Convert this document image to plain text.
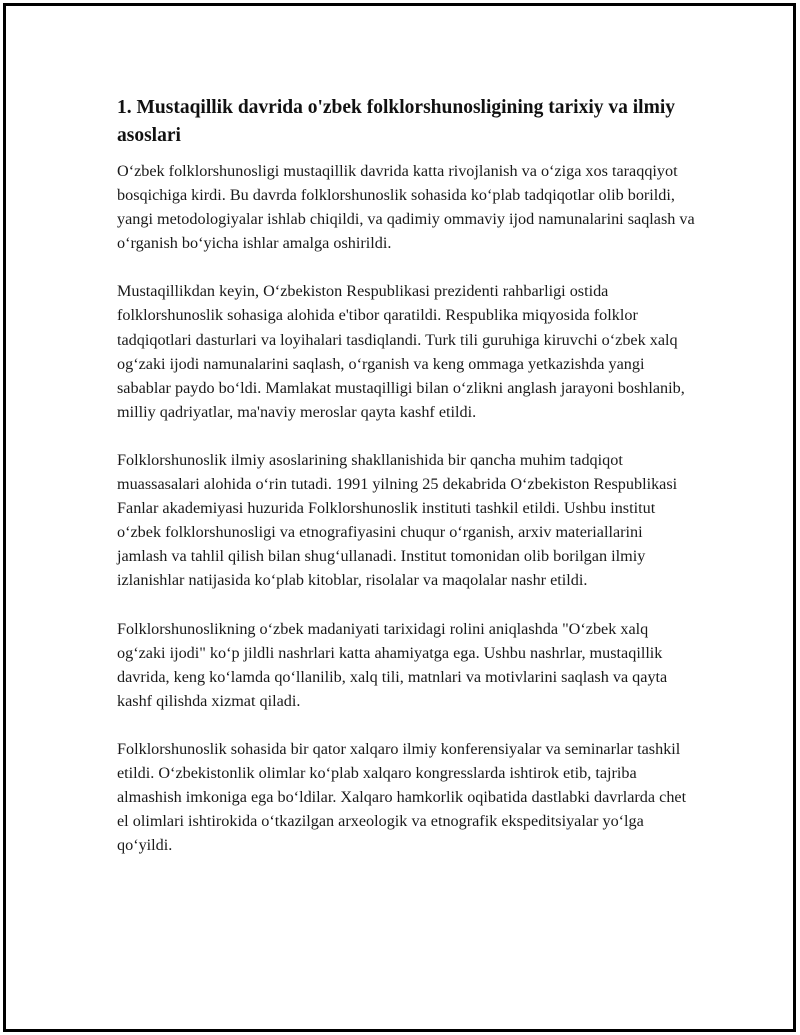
1. Mustaqillik davrida o'zbek folklorshunosligining tarixiy va ilmiy asoslari

O‘zbek folklorshunosligi mustaqillik davrida katta rivojlanish va o‘ziga xos taraqqiyot bosqichiga kirdi. Bu davrda folklorshunoslik sohasida ko‘plab tadqiqotlar olib borildi, yangi metodologiyalar ishlab chiqildi, va qadimiy ommaviy ijod namunalarini saqlash va o‘rganish bo‘yicha ishlar amalga oshirildi.

Mustaqillikdan keyin, O‘zbekiston Respublikasi prezidenti rahbarligi ostida folklorshunoslik sohasiga alohida e'tibor qaratildi. Respublika miqyosida folklor tadqiqotlari dasturlari va loyihalari tasdiqlandi. Turk tili guruhiga kiruvchi o‘zbek xalq og‘zaki ijodi namunalarini saqlash, o‘rganish va keng ommaga yetkazishda yangi sabablar paydo bo‘ldi. Mamlakat mustaqilligi bilan o‘zlikni anglash jarayoni boshlanib, milliy qadriyatlar, ma'naviy meroslar qayta kashf etildi.

Folklorshunoslik ilmiy asoslarining shakllanishida bir qancha muhim tadqiqot muassasalari alohida o‘rin tutadi. 1991 yilning 25 dekabrida O‘zbekiston Respublikasi Fanlar akademiyasi huzurida Folklorshunoslik instituti tashkil etildi. Ushbu institut o‘zbek folklorshunosligi va etnografiyasini chuqur o‘rganish, arxiv materiallarini jamlash va tahlil qilish bilan shug‘ullanadi. Institut tomonidan olib borilgan ilmiy izlanishlar natijasida ko‘plab kitoblar, risolalar va maqolalar nashr etildi.

Folklorshunoslikning o‘zbek madaniyati tarixidagi rolini aniqlashda "O‘zbek xalq og‘zaki ijodi" ko‘p jildli nashrlari katta ahamiyatga ega. Ushbu nashrlar, mustaqillik davrida, keng ko‘lamda qo‘llanilib, xalq tili, matnlari va motivlarini saqlash va qayta kashf qilishda xizmat qiladi.

Folklorshunoslik sohasida bir qator xalqaro ilmiy konferensiyalar va seminarlar tashkil etildi. O‘zbekistonlik olimlar ko‘plab xalqaro kongresslarda ishtirok etib, tajriba almashish imkoniga ega bo‘ldilar. Xalqaro hamkorlik oqibatida dastlabki davrlarda chet el olimlari ishtirokida o‘tkazilgan arxeologik va etnografik ekspeditsiyalar yo‘lga qo‘yildi.
